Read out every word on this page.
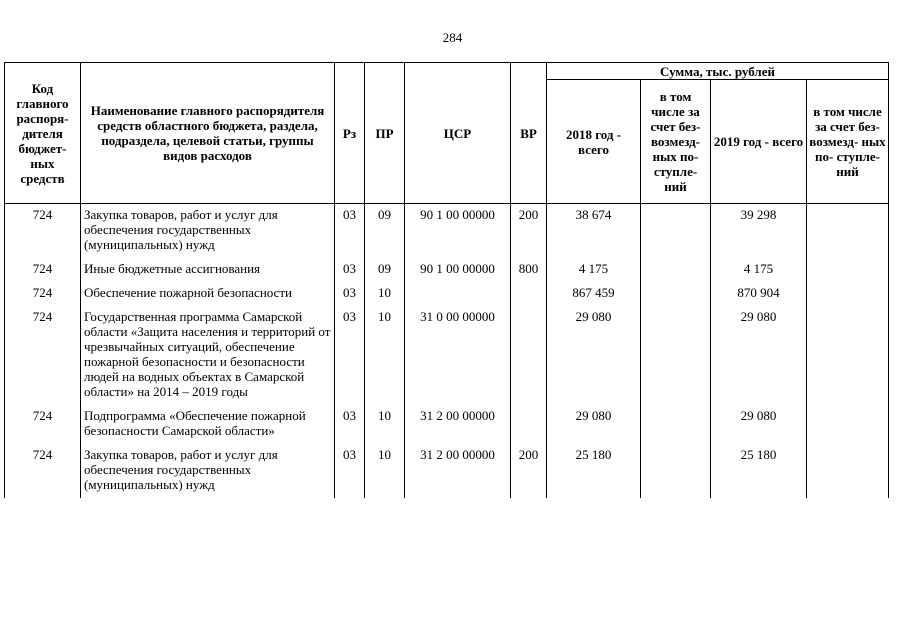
284
Код главного распоря- дителя бюджет- ных средств	Наименование главного распорядителя средств областного бюджета, раздела, подраздела, целевой статьи, группы видов расходов	Рз	ПР	ЦСР	ВР	Сумма, тыс. рублей			
						2018 год - всего	в том числе за счет без- возмезд- ных по- ступле- ний	2019 год - всего	в том числе за счет без- возмезд- ных по- ступле- ний
724	Закупка товаров, работ и услуг для обеспечения государственных (муниципальных) нужд	03	09	90 1 00 00000	200	38 674		39 298	
724	Иные бюджетные ассигнования	03	09	90 1 00 00000	800	4 175		4 175	
724	Обеспечение пожарной безопасности	03	10			867 459		870 904	
724	Государственная программа Самарской области «Защита населения и территорий от чрезвычайных ситуаций, обеспечение пожарной безопасности и безопасности людей на водных объектах в Самарской области» на 2014 – 2019 годы	03	10	31 0 00 00000		29 080		29 080	
724	Подпрограмма «Обеспечение пожарной безопасности Самарской области»	03	10	31 2 00 00000		29 080		29 080	
724	Закупка товаров, работ и услуг для обеспечения государственных (муниципальных) нужд	03	10	31 2 00 00000	200	25 180		25 180	
